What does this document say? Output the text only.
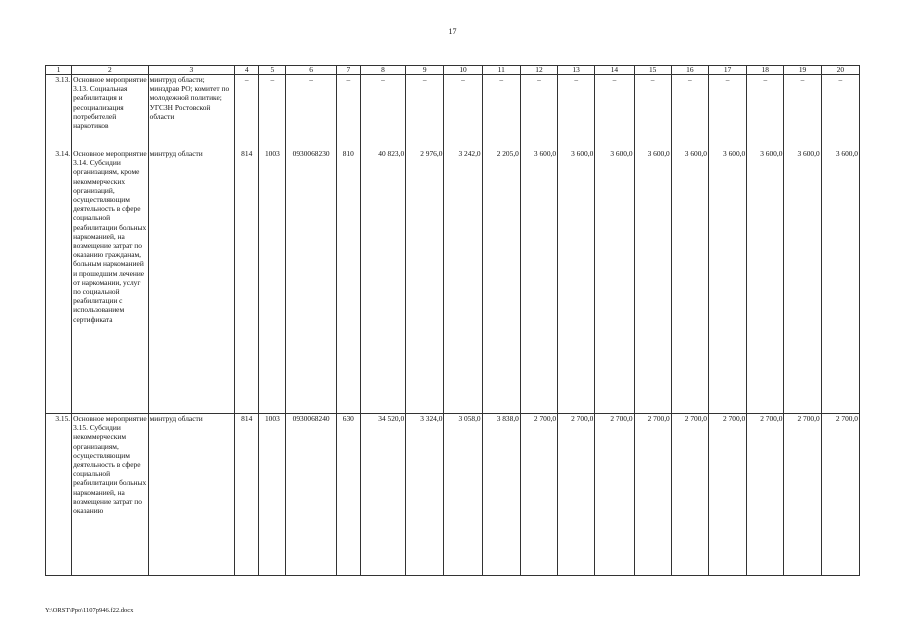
17
1	2	3	4	5	6	7	8	9	10	11	12	13	14	15	16	17	18	19	20
3.13.	Основное мероприятие 3.13. Социальная реабилитация и ресоциализация потребителей наркотиков	минтруд области; минздрав РО; комитет по молодежной политике; УГСЗН Ростовской области	–	–	–	–	–	–	–	–	–	–	–	–	–	–	–	–	–
3.14.	Основное мероприятие 3.14. Субсидии организациям, кроме некоммерческих организаций, осуществляющим деятельность в сфере социальной реабилитации больных наркоманией, на возмещение затрат по оказанию гражданам, больным наркоманией и прошедшим лечение от наркомании, услуг по социальной реабилитации с использованием сертификата	минтруд области	814	1003	0930068230	810	40 823,0	2 976,0	3 242,0	2 205,0	3 600,0	3 600,0	3 600,0	3 600,0	3 600,0	3 600,0	3 600,0	3 600,0	3 600,0
3.15.	Основное мероприятие 3.15. Субсидии некоммерческим организациям, осуществляющим деятельность в сфере социальной реабилитации больных наркоманией, на возмещение затрат по оказанию	минтруд области	814	1003	0930068240	630	34 520,0	3 324,0	3 058,0	3 838,0	2 700,0	2 700,0	2 700,0	2 700,0	2 700,0	2 700,0	2 700,0	2 700,0	2 700,0
Y:\ORST\Ppo\1107p946.f22.docx
